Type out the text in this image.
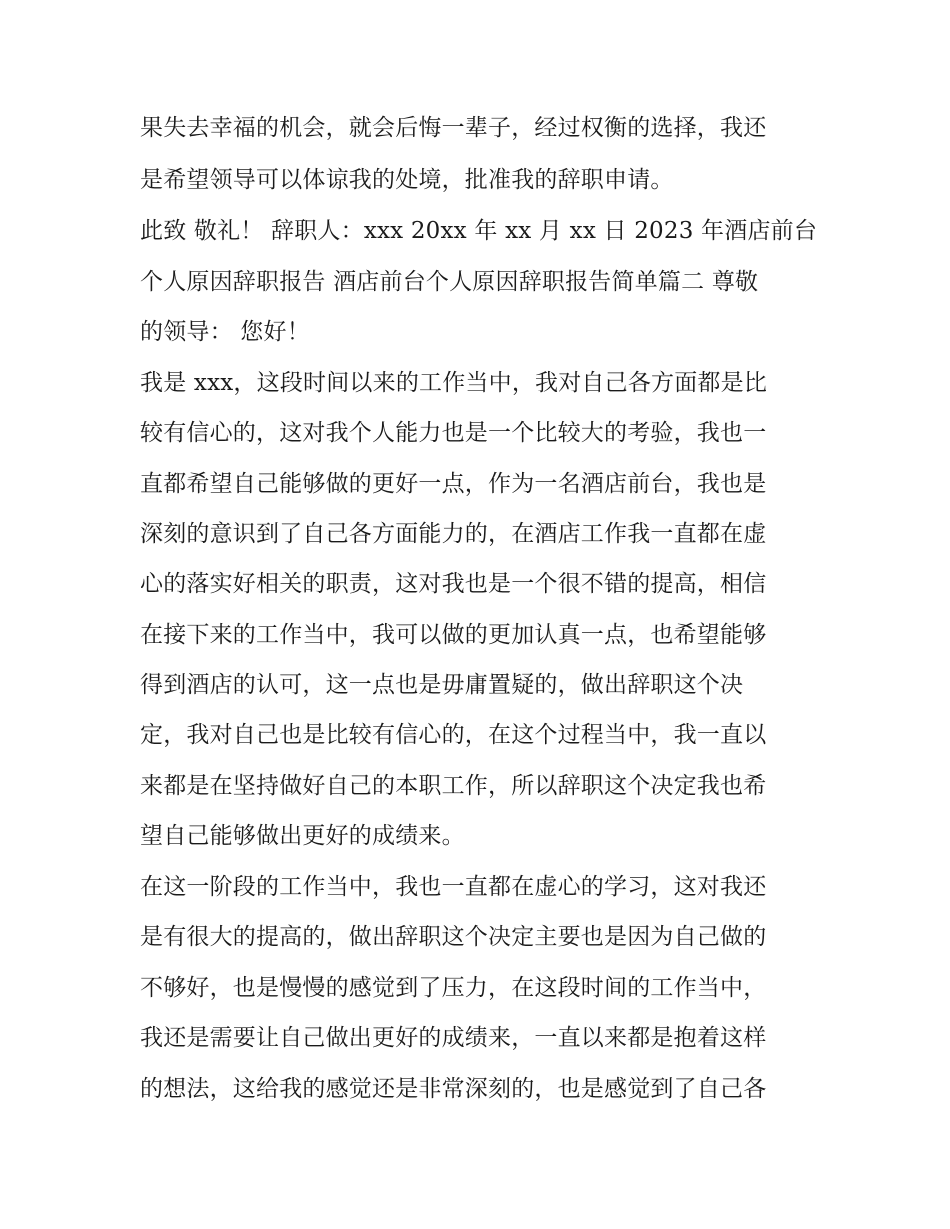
果失去幸福的机会，就会后悔一辈子，经过权衡的选择，我还
是希望领导可以体谅我的处境，批准我的辞职申请。
此致 敬礼！ 辞职人：xxx 20xx 年 xx 月 xx 日 2023 年酒店前台
个人原因辞职报告 酒店前台个人原因辞职报告简单篇二 尊敬
的领导： 您好！
我是 xxx，这段时间以来的工作当中，我对自己各方面都是比
较有信心的，这对我个人能力也是一个比较大的考验，我也一
直都希望自己能够做的更好一点，作为一名酒店前台，我也是
深刻的意识到了自己各方面能力的，在酒店工作我一直都在虚
心的落实好相关的职责，这对我也是一个很不错的提高，相信
在接下来的工作当中，我可以做的更加认真一点，也希望能够
得到酒店的认可，这一点也是毋庸置疑的，做出辞职这个决
定，我对自己也是比较有信心的，在这个过程当中，我一直以
来都是在坚持做好自己的本职工作，所以辞职这个决定我也希
望自己能够做出更好的成绩来。
在这一阶段的工作当中，我也一直都在虚心的学习，这对我还
是有很大的提高的，做出辞职这个决定主要也是因为自己做的
不够好，也是慢慢的感觉到了压力，在这段时间的工作当中，
我还是需要让自己做出更好的成绩来，一直以来都是抱着这样
的想法，这给我的感觉还是非常深刻的，也是感觉到了自己各
